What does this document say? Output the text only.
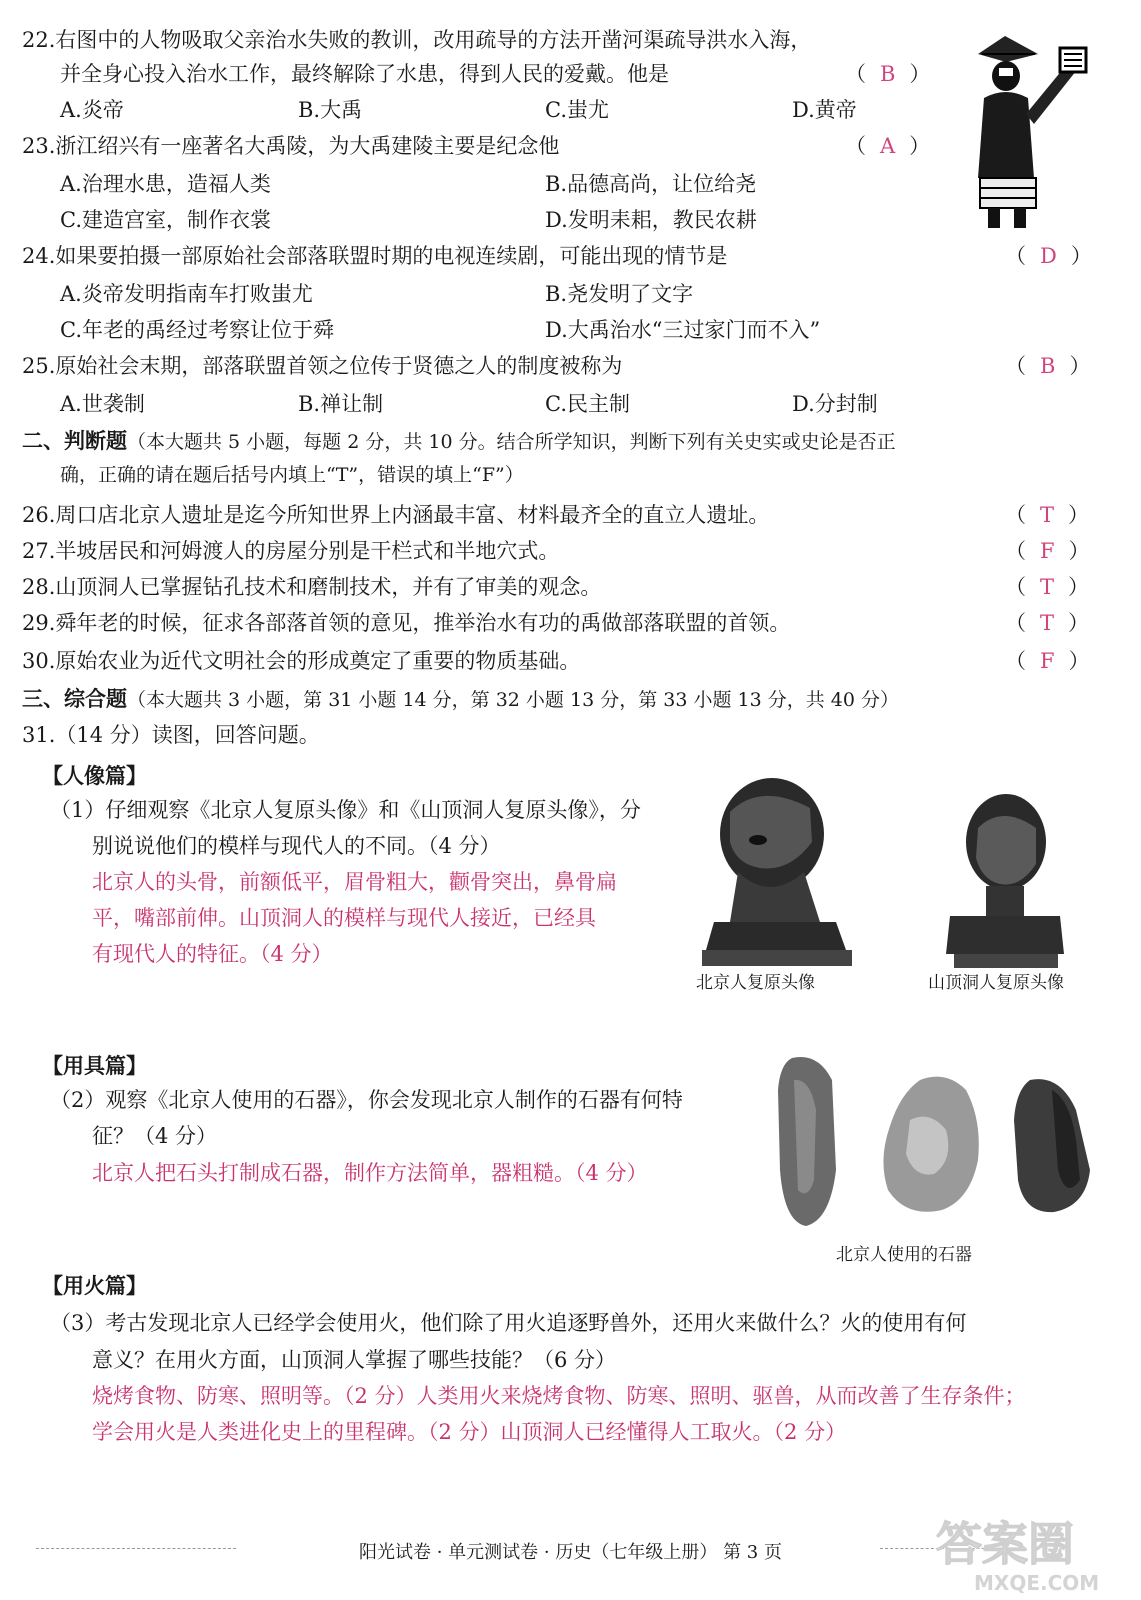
22.右图中的人物吸取父亲治水失败的教训，改用疏导的方法开凿河渠疏导洪水入海，
并全身心投入治水工作，最终解除了水患，得到人民的爱戴。他是	（ B ）
A.炎帝	B.大禹	C.蚩尤	D.黄帝
23.浙江绍兴有一座著名大禹陵，为大禹建陵主要是纪念他	（ A ）
A.治理水患，造福人类	B.品德高尚，让位给尧
C.建造宫室，制作衣裳	D.发明耒耜，教民农耕
24.如果要拍摄一部原始社会部落联盟时期的电视连续剧，可能出现的情节是	（ D ）
A.炎帝发明指南车打败蚩尤	B.尧发明了文字
C.年老的禹经过考察让位于舜	D.大禹治水“三过家门而不入”
25.原始社会末期，部落联盟首领之位传于贤德之人的制度被称为	（ B ）
A.世袭制	B.禅让制	C.民主制	D.分封制
二、判断题（本大题共 5 小题，每题 2 分，共 10 分。结合所学知识，判断下列有关史实或史论是否正
确，正确的请在题后括号内填上“T”，错误的填上“F”）
26.周口店北京人遗址是迄今所知世界上内涵最丰富、材料最齐全的直立人遗址。	（ T ）
27.半坡居民和河姆渡人的房屋分别是干栏式和半地穴式。	（ F ）
28.山顶洞人已掌握钻孔技术和磨制技术，并有了审美的观念。	（ T ）
29.舜年老的时候，征求各部落首领的意见，推举治水有功的禹做部落联盟的首领。	（ T ）
30.原始农业为近代文明社会的形成奠定了重要的物质基础。	（ F ）
三、综合题（本大题共 3 小题，第 31 小题 14 分，第 32 小题 13 分，第 33 小题 13 分，共 40 分）
31.（14 分）读图，回答问题。
【人像篇】
（1）仔细观察《北京人复原头像》和《山顶洞人复原头像》，分
别说说他们的模样与现代人的不同。（4 分）
北京人的头骨，前额低平，眉骨粗大，颧骨突出，鼻骨扁
平，嘴部前伸。山顶洞人的模样与现代人接近，已经具
有现代人的特征。（4 分）
北京人复原头像	山顶洞人复原头像
【用具篇】
（2）观察《北京人使用的石器》，你会发现北京人制作的石器有何特
征？（4 分）
北京人把石头打制成石器，制作方法简单，器粗糙。（4 分）
北京人使用的石器
【用火篇】
（3）考古发现北京人已经学会使用火，他们除了用火追逐野兽外，还用火来做什么？火的使用有何
意义？在用火方面，山顶洞人掌握了哪些技能？（6 分）
烧烤食物、防寒、照明等。（2 分）人类用火来烧烤食物、防寒、照明、驱兽，从而改善了生存条件；
学会用火是人类进化史上的里程碑。（2 分）山顶洞人已经懂得人工取火。（2 分）
阳光试卷 · 单元测试卷 · 历史（七年级上册） 第 3 页	答案圈
MXQE.COM
